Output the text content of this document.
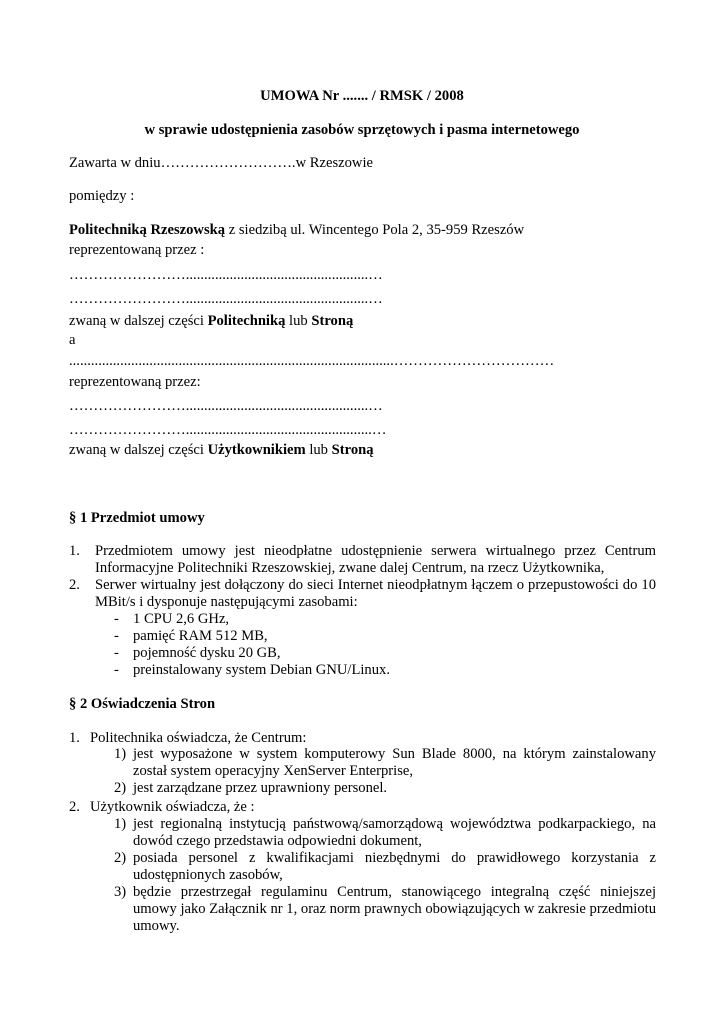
UMOWA Nr ....... / RMSK / 2008
w sprawie udostępnienia zasobów sprzętowych i pasma internetowego
Zawarta w dniu……………………….w Rzeszowie
pomiędzy :
Politechniką Rzeszowską z siedzibą ul. Wincentego Pola 2, 35-959 Rzeszów
reprezentowaną przez :
……………………..................................................…
……………………..................................................…
zwaną w dalszej części Politechniką lub Stroną
a
.........................................................................................……………………………
reprezentowaną przez:
……………………..................................................…
……………………...................................................…
zwaną w dalszej części Użytkownikiem lub Stroną
§ 1 Przedmiot umowy
1. Przedmiotem umowy jest nieodpłatne udostępnienie serwera wirtualnego przez Centrum Informacyjne Politechniki Rzeszowskiej, zwane dalej Centrum, na rzecz Użytkownika,
2. Serwer wirtualny jest dołączony do sieci Internet nieodpłatnym łączem o przepustowości do 10 MBit/s i dysponuje następującymi zasobami:
- 1 CPU 2,6 GHz,
- pamięć RAM 512 MB,
- pojemność dysku 20 GB,
- preinstalowany system Debian GNU/Linux.
§ 2 Oświadczenia Stron
1. Politechnika oświadcza, że Centrum:
1) jest wyposażone w system komputerowy Sun Blade 8000, na którym zainstalowany został system operacyjny XenServer Enterprise,
2) jest zarządzane przez uprawniony personel.
2. Użytkownik oświadcza, że :
1) jest regionalną instytucją państwową/samorządową województwa podkarpackiego, na dowód czego przedstawia odpowiedni dokument,
2) posiada personel z kwalifikacjami niezbędnymi do prawidłowego korzystania z udostępnionych zasobów,
3) będzie przestrzegał regulaminu Centrum, stanowiącego integralną część niniejszej umowy jako Załącznik nr 1, oraz norm prawnych obowiązujących w zakresie przedmiotu umowy.
